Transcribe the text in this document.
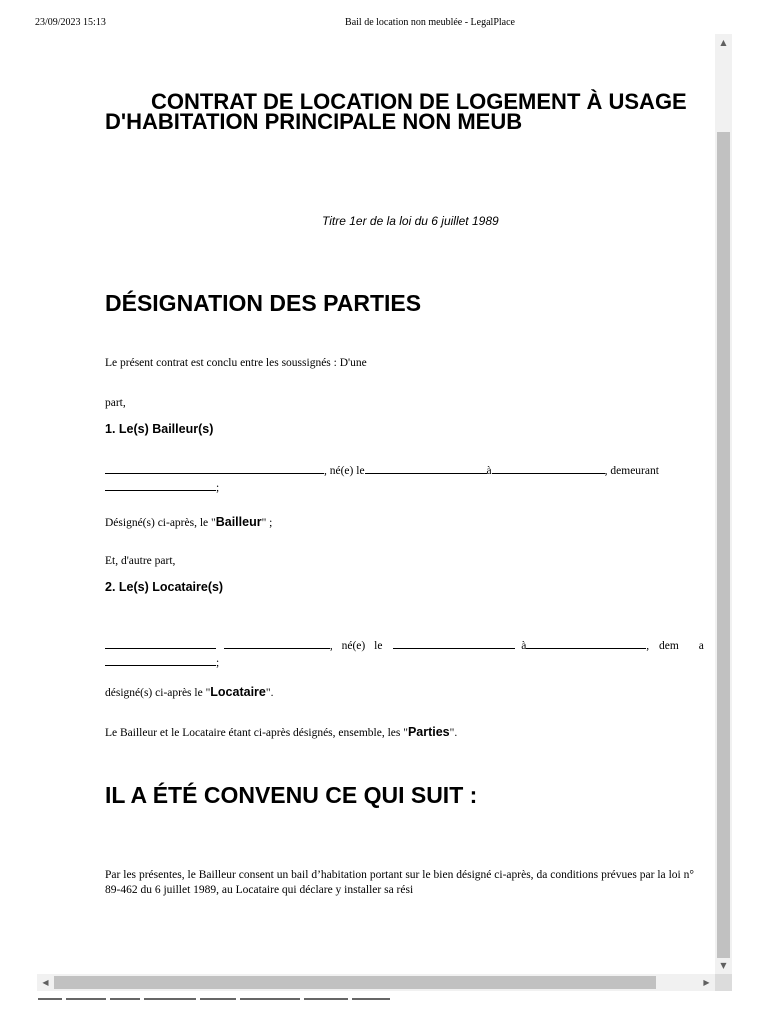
23/09/2023 15:13	Bail de location non meublée - LegalPlace
CONTRAT DE LOCATION DE LOGEMENT À USAGE D'HABITATION PRINCIPALE NON MEUB
Titre 1er de la loi du 6 juillet 1989
DÉSIGNATION DES PARTIES
Le présent contrat est conclu entre les soussignés : D'une
part,
1. Le(s) Bailleur(s)
, né(e) le	à	, demeurant
;
Désigné(s) ci-après, le "Bailleur" ;
Et, d'autre part,
2. Le(s) Locataire(s)
, né(e) le	à	, dem a
;
désigné(s) ci-après le "Locataire".
Le Bailleur et le Locataire étant ci-après désignés, ensemble, les "Parties".
IL A ÉTÉ CONVENU CE QUI SUIT :
Par les présentes, le Bailleur consent un bail d’habitation portant sur le bien désigné ci-après, da conditions prévues par la loi n° 89-462 du 6 juillet 1989, au Locataire qui déclare y installer sa rési
▲
▼
◀	▶
